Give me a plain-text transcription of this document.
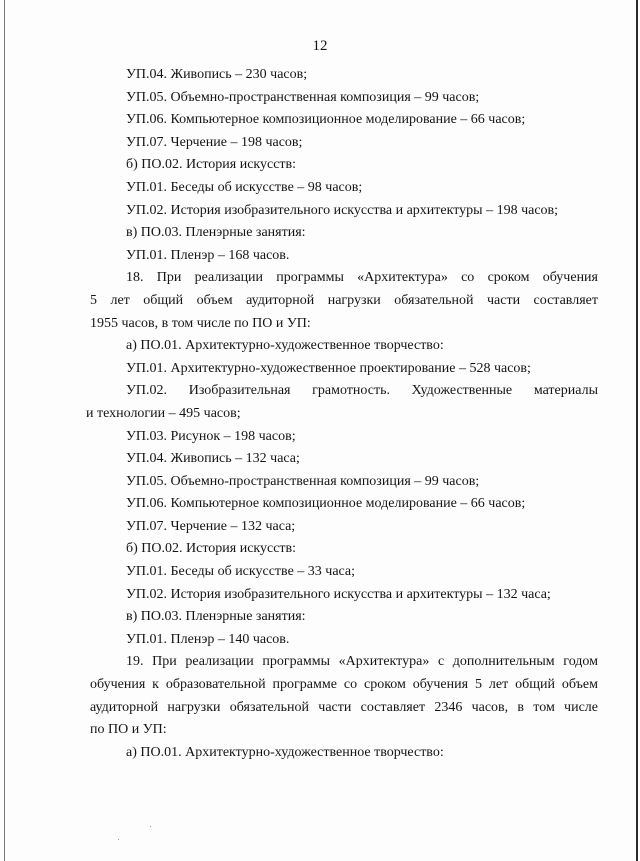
12
УП.04. Живопись – 230 часов;
УП.05. Объемно-пространственная композиция – 99 часов;
УП.06. Компьютерное композиционное моделирование – 66 часов;
УП.07. Черчение – 198 часов;
б) ПО.02. История искусств:
УП.01. Беседы об искусстве – 98 часов;
УП.02. История изобразительного искусства и архитектуры – 198 часов;
в) ПО.03. Пленэрные занятия:
УП.01. Пленэр – 168 часов.
18. При реализации программы «Архитектура» со сроком обучения
5 лет общий объем аудиторной нагрузки обязательной части составляет
1955 часов, в том числе по ПО и УП:
а) ПО.01. Архитектурно-художественное творчество:
УП.01. Архитектурно-художественное проектирование – 528 часов;
УП.02. Изобразительная грамотность. Художественные материалы
и технологии – 495 часов;
УП.03. Рисунок – 198 часов;
УП.04. Живопись – 132 часа;
УП.05. Объемно-пространственная композиция – 99 часов;
УП.06. Компьютерное композиционное моделирование – 66 часов;
УП.07. Черчение – 132 часа;
б) ПО.02. История искусств:
УП.01. Беседы об искусстве – 33 часа;
УП.02. История изобразительного искусства и архитектуры – 132 часа;
в) ПО.03. Пленэрные занятия:
УП.01. Пленэр – 140 часов.
19. При реализации программы «Архитектура» с дополнительным годом
обучения к образовательной программе со сроком обучения 5 лет общий объем
аудиторной нагрузки обязательной части составляет 2346 часов, в том числе
по ПО и УП:
а) ПО.01. Архитектурно-художественное творчество:
